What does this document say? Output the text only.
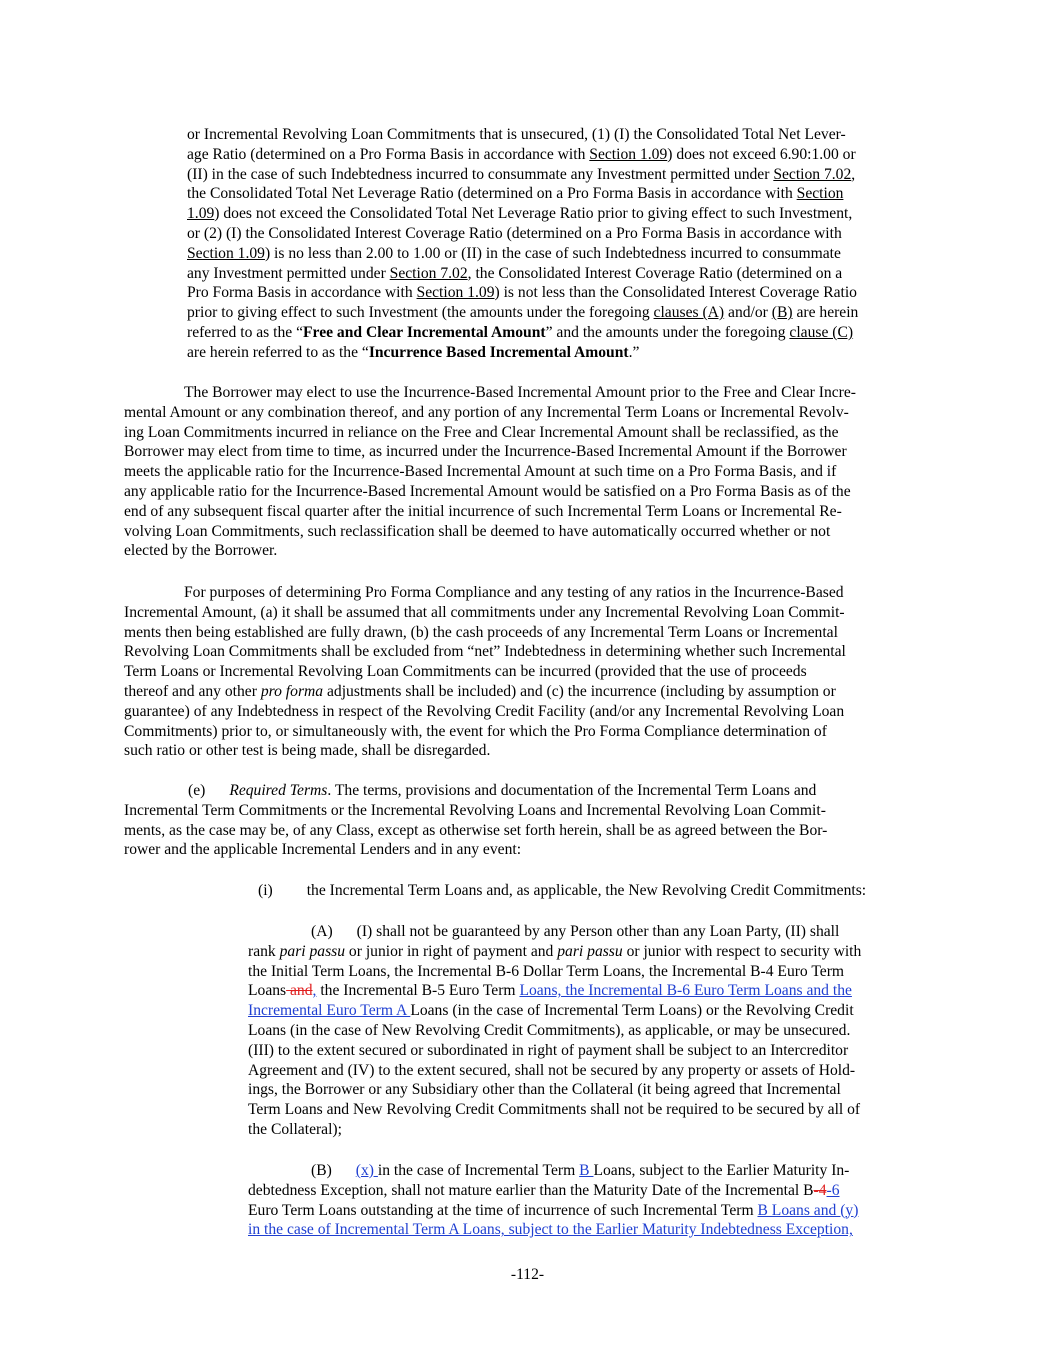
or Incremental Revolving Loan Commitments that is unsecured, (1) (I) the Consolidated Total Net Lever-
age Ratio (determined on a Pro Forma Basis in accordance with Section 1.09) does not exceed 6.90:1.00 or
(II) in the case of such Indebtedness incurred to consummate any Investment permitted under Section 7.02,
the Consolidated Total Net Leverage Ratio (determined on a Pro Forma Basis in accordance with Section
1.09) does not exceed the Consolidated Total Net Leverage Ratio prior to giving effect to such Investment,
or (2) (I) the Consolidated Interest Coverage Ratio (determined on a Pro Forma Basis in accordance with
Section 1.09) is no less than 2.00 to 1.00 or (II) in the case of such Indebtedness incurred to consummate
any Investment permitted under Section 7.02, the Consolidated Interest Coverage Ratio (determined on a
Pro Forma Basis in accordance with Section 1.09) is not less than the Consolidated Interest Coverage Ratio
prior to giving effect to such Investment (the amounts under the foregoing clauses (A) and/or (B) are herein
referred to as the “Free and Clear Incremental Amount” and the amounts under the foregoing clause (C)
are herein referred to as the “Incurrence Based Incremental Amount.”

The Borrower may elect to use the Incurrence-Based Incremental Amount prior to the Free and Clear Incre-
mental Amount or any combination thereof, and any portion of any Incremental Term Loans or Incremental Revolv-
ing Loan Commitments incurred in reliance on the Free and Clear Incremental Amount shall be reclassified, as the
Borrower may elect from time to time, as incurred under the Incurrence-Based Incremental Amount if the Borrower
meets the applicable ratio for the Incurrence-Based Incremental Amount at such time on a Pro Forma Basis, and if
any applicable ratio for the Incurrence-Based Incremental Amount would be satisfied on a Pro Forma Basis as of the
end of any subsequent fiscal quarter after the initial incurrence of such Incremental Term Loans or Incremental Re-
volving Loan Commitments, such reclassification shall be deemed to have automatically occurred whether or not
elected by the Borrower.

For purposes of determining Pro Forma Compliance and any testing of any ratios in the Incurrence-Based
Incremental Amount, (a) it shall be assumed that all commitments under any Incremental Revolving Loan Commit-
ments then being established are fully drawn, (b) the cash proceeds of any Incremental Term Loans or Incremental
Revolving Loan Commitments shall be excluded from “net” Indebtedness in determining whether such Incremental
Term Loans or Incremental Revolving Loan Commitments can be incurred (provided that the use of proceeds
thereof and any other pro forma adjustments shall be included) and (c) the incurrence (including by assumption or
guarantee) of any Indebtedness in respect of the Revolving Credit Facility (and/or any Incremental Revolving Loan
Commitments) prior to, or simultaneously with, the event for which the Pro Forma Compliance determination of
such ratio or other test is being made, shall be disregarded.

(e) Required Terms. The terms, provisions and documentation of the Incremental Term Loans and
Incremental Term Commitments or the Incremental Revolving Loans and Incremental Revolving Loan Commit-
ments, as the case may be, of any Class, except as otherwise set forth herein, shall be as agreed between the Bor-
rower and the applicable Incremental Lenders and in any event:

(i) the Incremental Term Loans and, as applicable, the New Revolving Credit Commitments:

(A) (I) shall not be guaranteed by any Person other than any Loan Party, (II) shall
rank pari passu or junior in right of payment and pari passu or junior with respect to security with
the Initial Term Loans, the Incremental B-6 Dollar Term Loans, the Incremental B-4 Euro Term
Loans and, the Incremental B-5 Euro Term Loans, the Incremental B-6 Euro Term Loans and the
Incremental Euro Term A Loans (in the case of Incremental Term Loans) or the Revolving Credit
Loans (in the case of New Revolving Credit Commitments), as applicable, or may be unsecured.
(III) to the extent secured or subordinated in right of payment shall be subject to an Intercreditor
Agreement and (IV) to the extent secured, shall not be secured by any property or assets of Hold-
ings, the Borrower or any Subsidiary other than the Collateral (it being agreed that Incremental
Term Loans and New Revolving Credit Commitments shall not be required to be secured by all of
the Collateral);

(B) (x) in the case of Incremental Term B Loans, subject to the Earlier Maturity In-
debtedness Exception, shall not mature earlier than the Maturity Date of the Incremental B-4-6
Euro Term Loans outstanding at the time of incurrence of such Incremental Term B Loans and (y)
in the case of Incremental Term A Loans, subject to the Earlier Maturity Indebtedness Exception,

-112-
